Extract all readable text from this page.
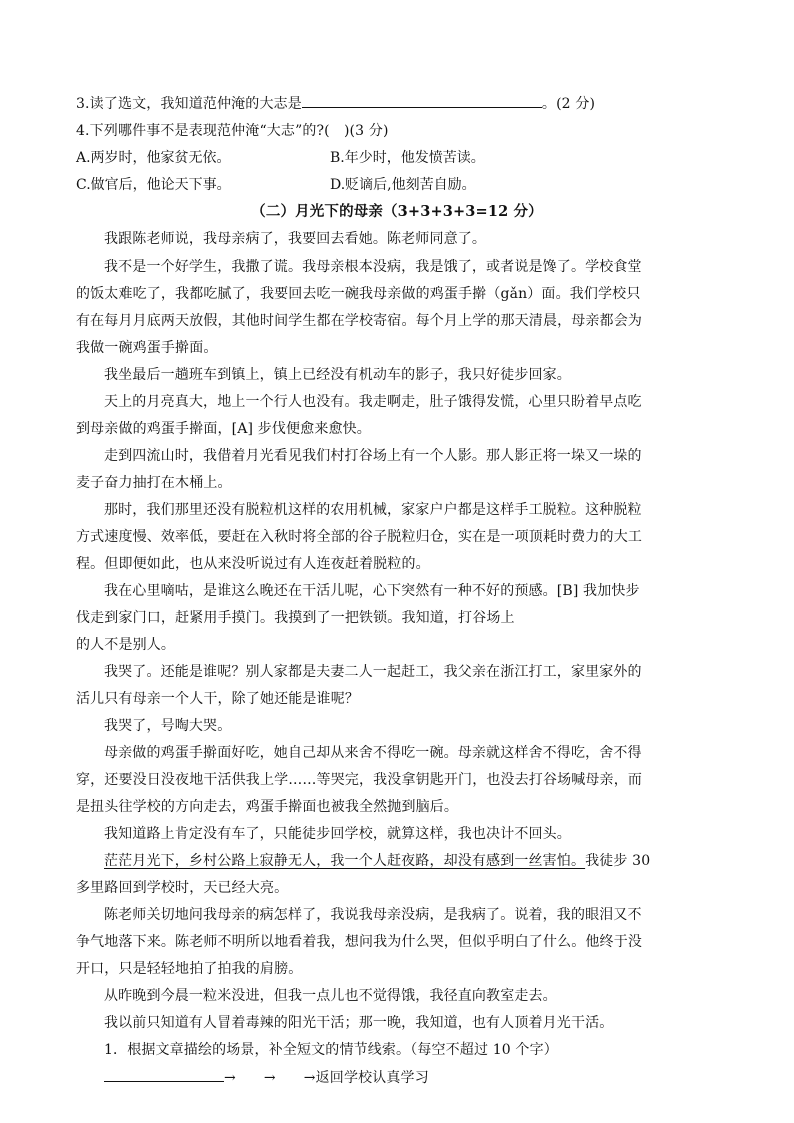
3.读了选文，我知道范仲淹的大志是	。(2 分)
4.下列哪件事不是表现范仲淹“大志”的?(　)(3 分)
A.两岁时，他家贫无依。	B.年少时，他发愤苦读。
C.做官后，他论天下事。	D.贬谪后,他刻苦自励。
（二）月光下的母亲（3+3+3+3=12 分）
我跟陈老师说，我母亲病了，我要回去看她。陈老师同意了。
我不是一个好学生，我撒了谎。我母亲根本没病，我是饿了，或者说是馋了。学校食堂
的饭太难吃了，我都吃腻了，我要回去吃一碗我母亲做的鸡蛋手擀（gǎn）面。我们学校只
有在每月月底两天放假，其他时间学生都在学校寄宿。每个月上学的那天清晨，母亲都会为
我做一碗鸡蛋手擀面。
我坐最后一趟班车到镇上，镇上已经没有机动车的影子，我只好徒步回家。
天上的月亮真大，地上一个行人也没有。我走啊走，肚子饿得发慌，心里只盼着早点吃
到母亲做的鸡蛋手擀面，[A] 步伐便愈来愈快。
走到四流山时，我借着月光看见我们村打谷场上有一个人影。那人影正将一垛又一垛的
麦子奋力抽打在木桶上。
那时，我们那里还没有脱粒机这样的农用机械，家家户户都是这样手工脱粒。这种脱粒
方式速度慢、效率低，要赶在入秋时将全部的谷子脱粒归仓，实在是一项顶耗时费力的大工
程。但即便如此，也从来没听说过有人连夜赶着脱粒的。
我在心里嘀咕，是谁这么晚还在干活儿呢，心下突然有一种不好的预感。[B] 我加快步
伐走到家门口，赶紧用手摸门。我摸到了一把铁锁。我知道，打谷场上
的人不是别人。
我哭了。还能是谁呢？别人家都是夫妻二人一起赶工，我父亲在浙江打工，家里家外的
活儿只有母亲一个人干，除了她还能是谁呢？
我哭了，号啕大哭。
母亲做的鸡蛋手擀面好吃，她自己却从来舍不得吃一碗。母亲就这样舍不得吃，舍不得
穿，还要没日没夜地干活供我上学……等哭完，我没拿钥匙开门，也没去打谷场喊母亲，而
是扭头往学校的方向走去，鸡蛋手擀面也被我全然抛到脑后。
我知道路上肯定没有车了，只能徒步回学校，就算这样，我也决计不回头。
茫茫月光下，乡村公路上寂静无人，我一个人赶夜路，却没有感到一丝害怕。我徒步 30
多里路回到学校时，天已经大亮。
陈老师关切地问我母亲的病怎样了，我说我母亲没病，是我病了。说着，我的眼泪又不
争气地落下来。陈老师不明所以地看着我，想问我为什么哭，但似乎明白了什么。他终于没
开口，只是轻轻地拍了拍我的肩膀。
从昨晚到今晨一粒米没进，但我一点儿也不觉得饿，我径直向教室走去。
我以前只知道有人冒着毒辣的阳光干活；那一晚，我知道，也有人顶着月光干活。
1．根据文章描绘的场景，补全短文的情节线索。（每空不超过 10 个字）
→ → →返回学校认真学习
